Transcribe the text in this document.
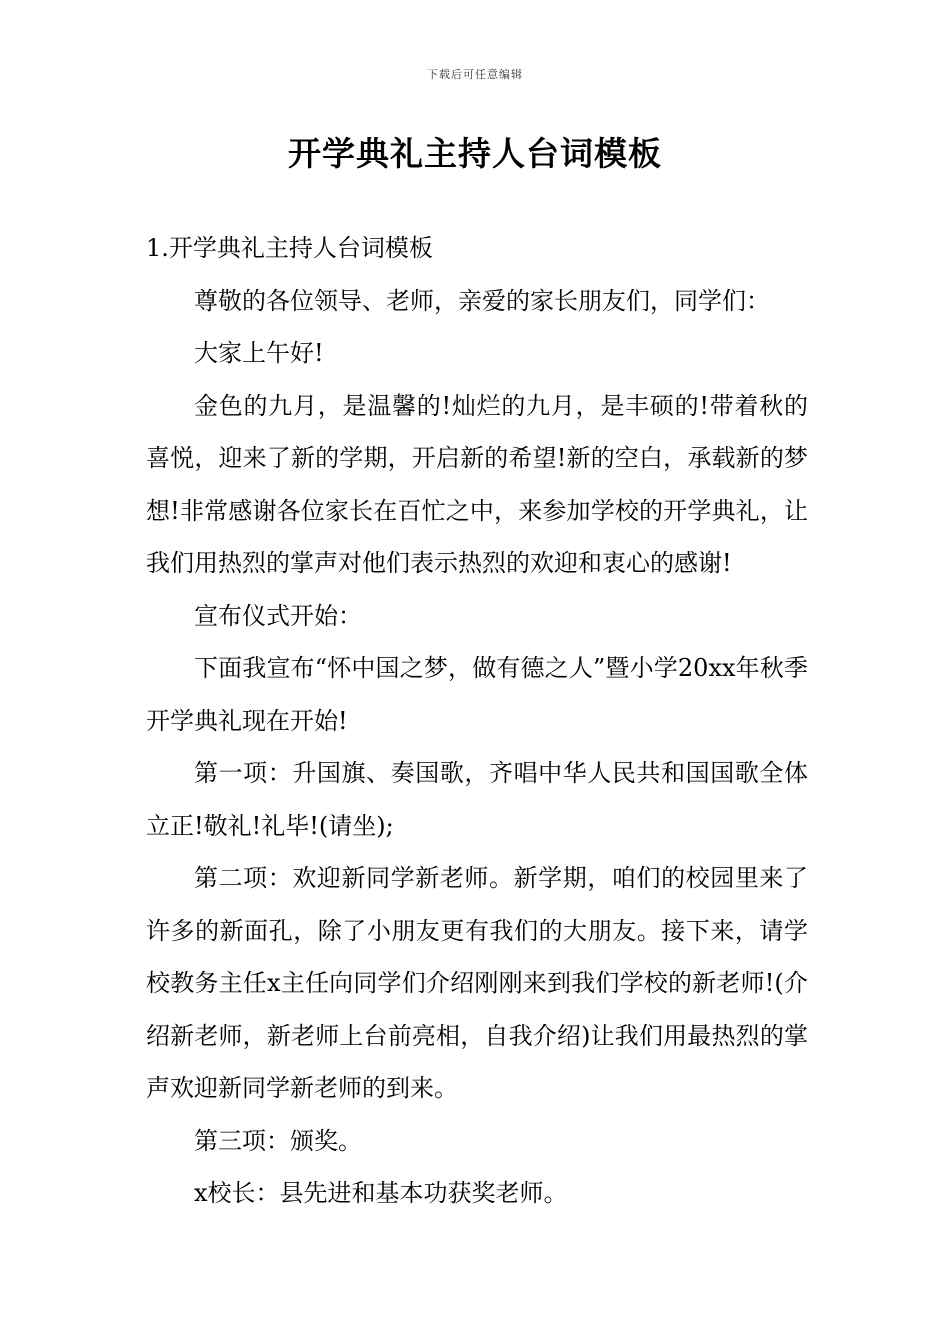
下载后可任意编辑
开学典礼主持人台词模板

1.开学典礼主持人台词模板

尊敬的各位领导、老师，亲爱的家长朋友们，同学们：

大家上午好!

金色的九月，是温馨的!灿烂的九月，是丰硕的!带着秋的喜悦，迎来了新的学期，开启新的希望!新的空白，承载新的梦想!非常感谢各位家长在百忙之中，来参加学校的开学典礼，让我们用热烈的掌声对他们表示热烈的欢迎和衷心的感谢!

宣布仪式开始：

下面我宣布“怀中国之梦，做有德之人”暨小学20xx年秋季开学典礼现在开始!

第一项：升国旗、奏国歌，齐唱中华人民共和国国歌全体立正!敬礼!礼毕!(请坐);

第二项：欢迎新同学新老师。新学期，咱们的校园里来了许多的新面孔，除了小朋友更有我们的大朋友。接下来，请学校教务主任x主任向同学们介绍刚刚来到我们学校的新老师!(介绍新老师，新老师上台前亮相，自我介绍)让我们用最热烈的掌声欢迎新同学新老师的到来。

第三项：颁奖。

x校长：县先进和基本功获奖老师。
